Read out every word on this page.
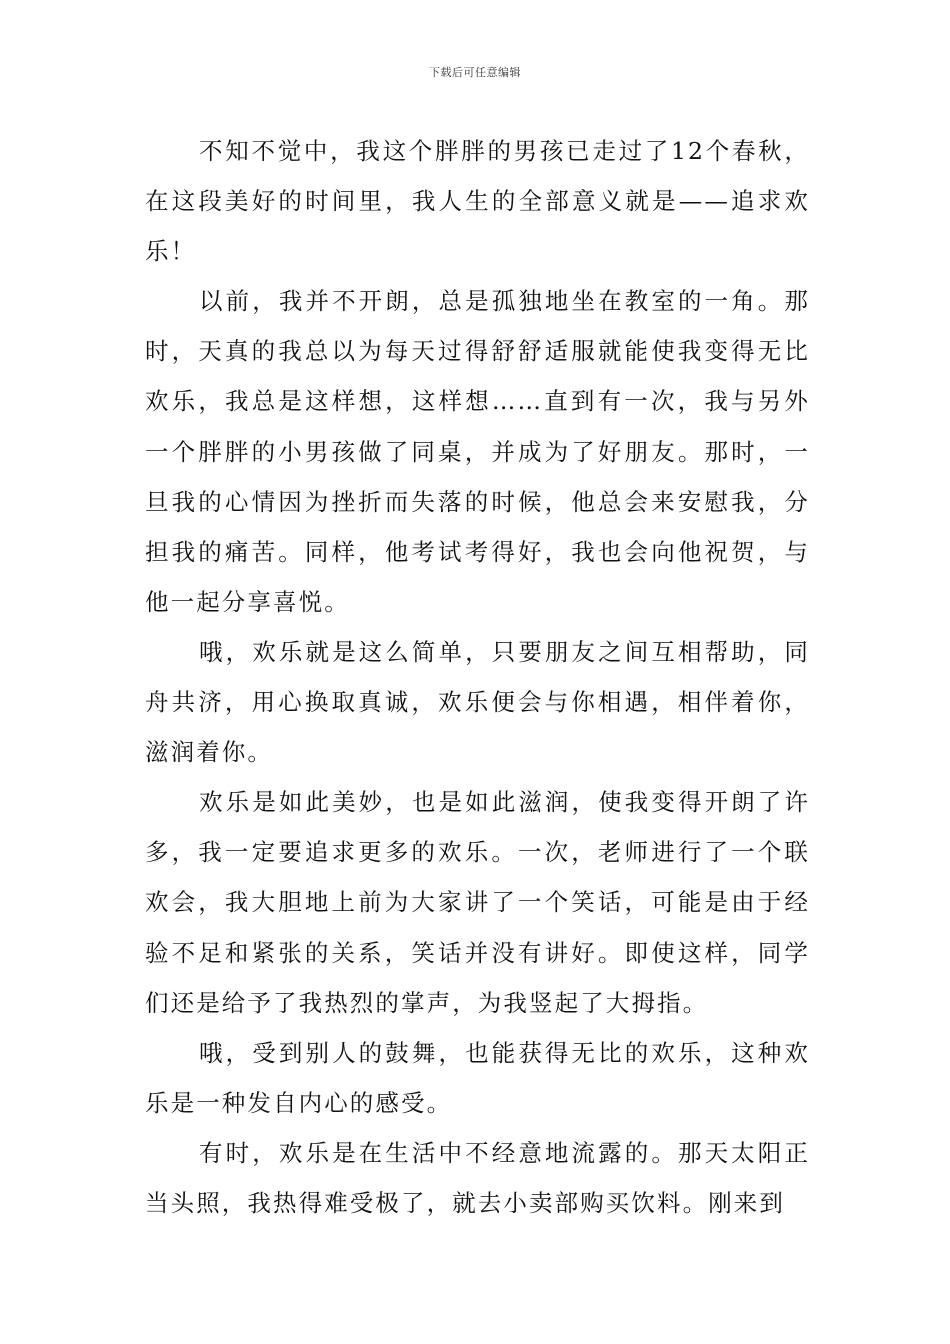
下载后可任意编辑

不知不觉中，我这个胖胖的男孩已走过了12个春秋，在这段美好的时间里，我人生的全部意义就是——追求欢乐！

以前，我并不开朗，总是孤独地坐在教室的一角。那时，天真的我总以为每天过得舒舒适服就能使我变得无比欢乐，我总是这样想，这样想……直到有一次，我与另外一个胖胖的小男孩做了同桌，并成为了好朋友。那时，一旦我的心情因为挫折而失落的时候，他总会来安慰我，分担我的痛苦。同样，他考试考得好，我也会向他祝贺，与他一起分享喜悦。

哦，欢乐就是这么简单，只要朋友之间互相帮助，同舟共济，用心换取真诚，欢乐便会与你相遇，相伴着你，滋润着你。

欢乐是如此美妙，也是如此滋润，使我变得开朗了许多，我一定要追求更多的欢乐。一次，老师进行了一个联欢会，我大胆地上前为大家讲了一个笑话，可能是由于经验不足和紧张的关系，笑话并没有讲好。即使这样，同学们还是给予了我热烈的掌声，为我竖起了大拇指。

哦，受到别人的鼓舞，也能获得无比的欢乐，这种欢乐是一种发自内心的感受。

有时，欢乐是在生活中不经意地流露的。那天太阳正当头照，我热得难受极了，就去小卖部购买饮料。刚来到
